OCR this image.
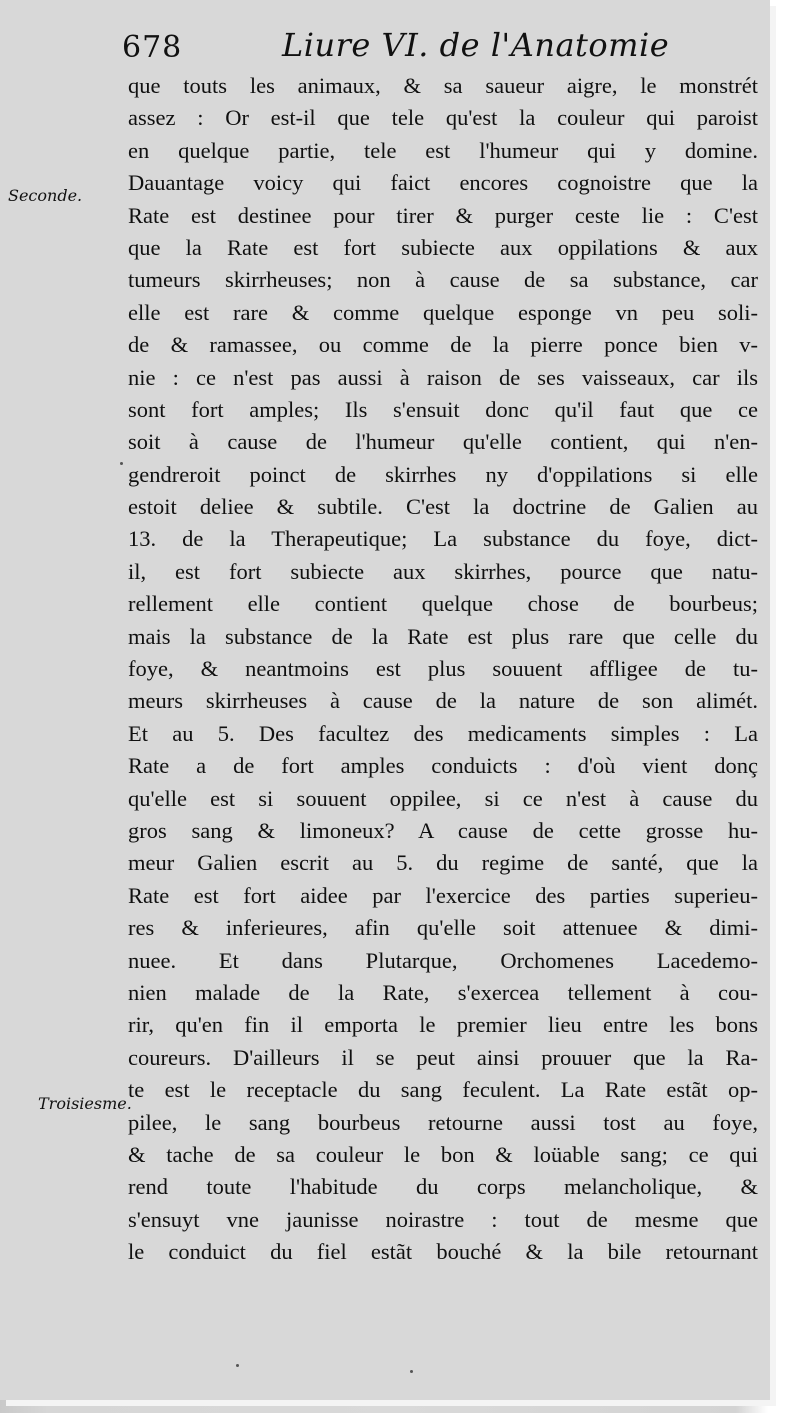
678	Liure VI. de l'Anatomie
Seconde.
Troisiesme.
que touts les animaux, & sa saueur aigre, le monstrét
assez : Or est-il que tele qu'est la couleur qui paroist
en quelque partie, tele est l'humeur qui y domine.
Dauantage voicy qui faict encores cognoistre que la
Rate est destinee pour tirer & purger ceste lie : C'est
que la Rate est fort subiecte aux oppilations & aux
tumeurs skirrheuses; non à cause de sa substance, car
elle est rare & comme quelque esponge vn peu soli-
de & ramassee, ou comme de la pierre ponce bien v-
nie : ce n'est pas aussi à raison de ses vaisseaux, car ils
sont fort amples; Ils s'ensuit donc qu'il faut que ce
soit à cause de l'humeur qu'elle contient, qui n'en-
gendreroit poinct de skirrhes ny d'oppilations si elle
estoit deliee & subtile. C'est la doctrine de Galien au
13. de la Therapeutique; La substance du foye, dict-
il, est fort subiecte aux skirrhes, pource que natu-
rellement elle contient quelque chose de bourbeus;
mais la substance de la Rate est plus rare que celle du
foye, & neantmoins est plus souuent affligee de tu-
meurs skirrheuses à cause de la nature de son alimét.
Et au 5. Des facultez des medicaments simples : La
Rate a de fort amples conduicts : d'où vient donç
qu'elle est si souuent oppilee, si ce n'est à cause du
gros sang & limoneux? A cause de cette grosse hu-
meur Galien escrit au 5. du regime de santé, que la
Rate est fort aidee par l'exercice des parties superieu-
res & inferieures, afin qu'elle soit attenuee & dimi-
nuee. Et dans Plutarque, Orchomenes Lacedemo-
nien malade de la Rate, s'exercea tellement à cou-
rir, qu'en fin il emporta le premier lieu entre les bons
coureurs. D'ailleurs il se peut ainsi prouuer que la Ra-
te est le receptacle du sang feculent. La Rate estãt op-
pilee, le sang bourbeus retourne aussi tost au foye,
& tache de sa couleur le bon & loüable sang; ce qui
rend toute l'habitude du corps melancholique, &
s'ensuyt vne jaunisse noirastre : tout de mesme que
le conduict du fiel estãt bouché & la bile retournant
